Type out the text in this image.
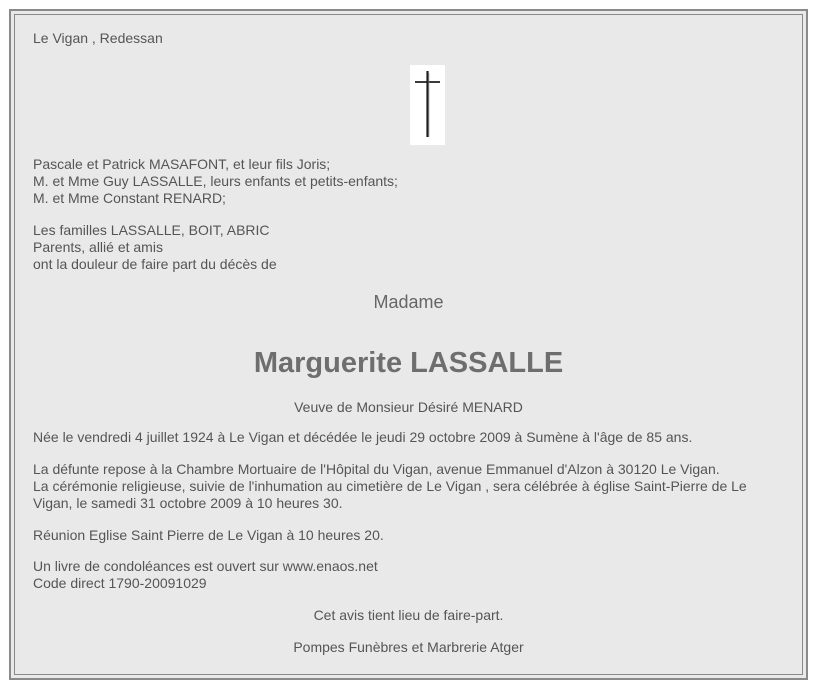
Le Vigan , Redessan

Pascale et Patrick MASAFONT, et leur fils Joris;
M. et Mme Guy LASSALLE, leurs enfants et petits-enfants;
M. et Mme Constant RENARD;

Les familles LASSALLE, BOIT, ABRIC
Parents, allié et amis
ont la douleur de faire part du décès de

Madame

Marguerite LASSALLE

Veuve de Monsieur Désiré MENARD

Née le vendredi 4 juillet 1924 à Le Vigan et décédée le jeudi 29 octobre 2009 à Sumène à l'âge de 85 ans.

La défunte repose à la Chambre Mortuaire de l'Hôpital du Vigan, avenue Emmanuel d'Alzon à 30120 Le Vigan.
La cérémonie religieuse, suivie de l'inhumation au cimetière de Le Vigan , sera célébrée à église Saint-Pierre de Le
Vigan, le samedi 31 octobre 2009 à 10 heures 30.

Réunion Eglise Saint Pierre de Le Vigan à 10 heures 20.

Un livre de condoléances est ouvert sur www.enaos.net
Code direct 1790-20091029

Cet avis tient lieu de faire-part.

Pompes Funèbres et Marbrerie Atger
